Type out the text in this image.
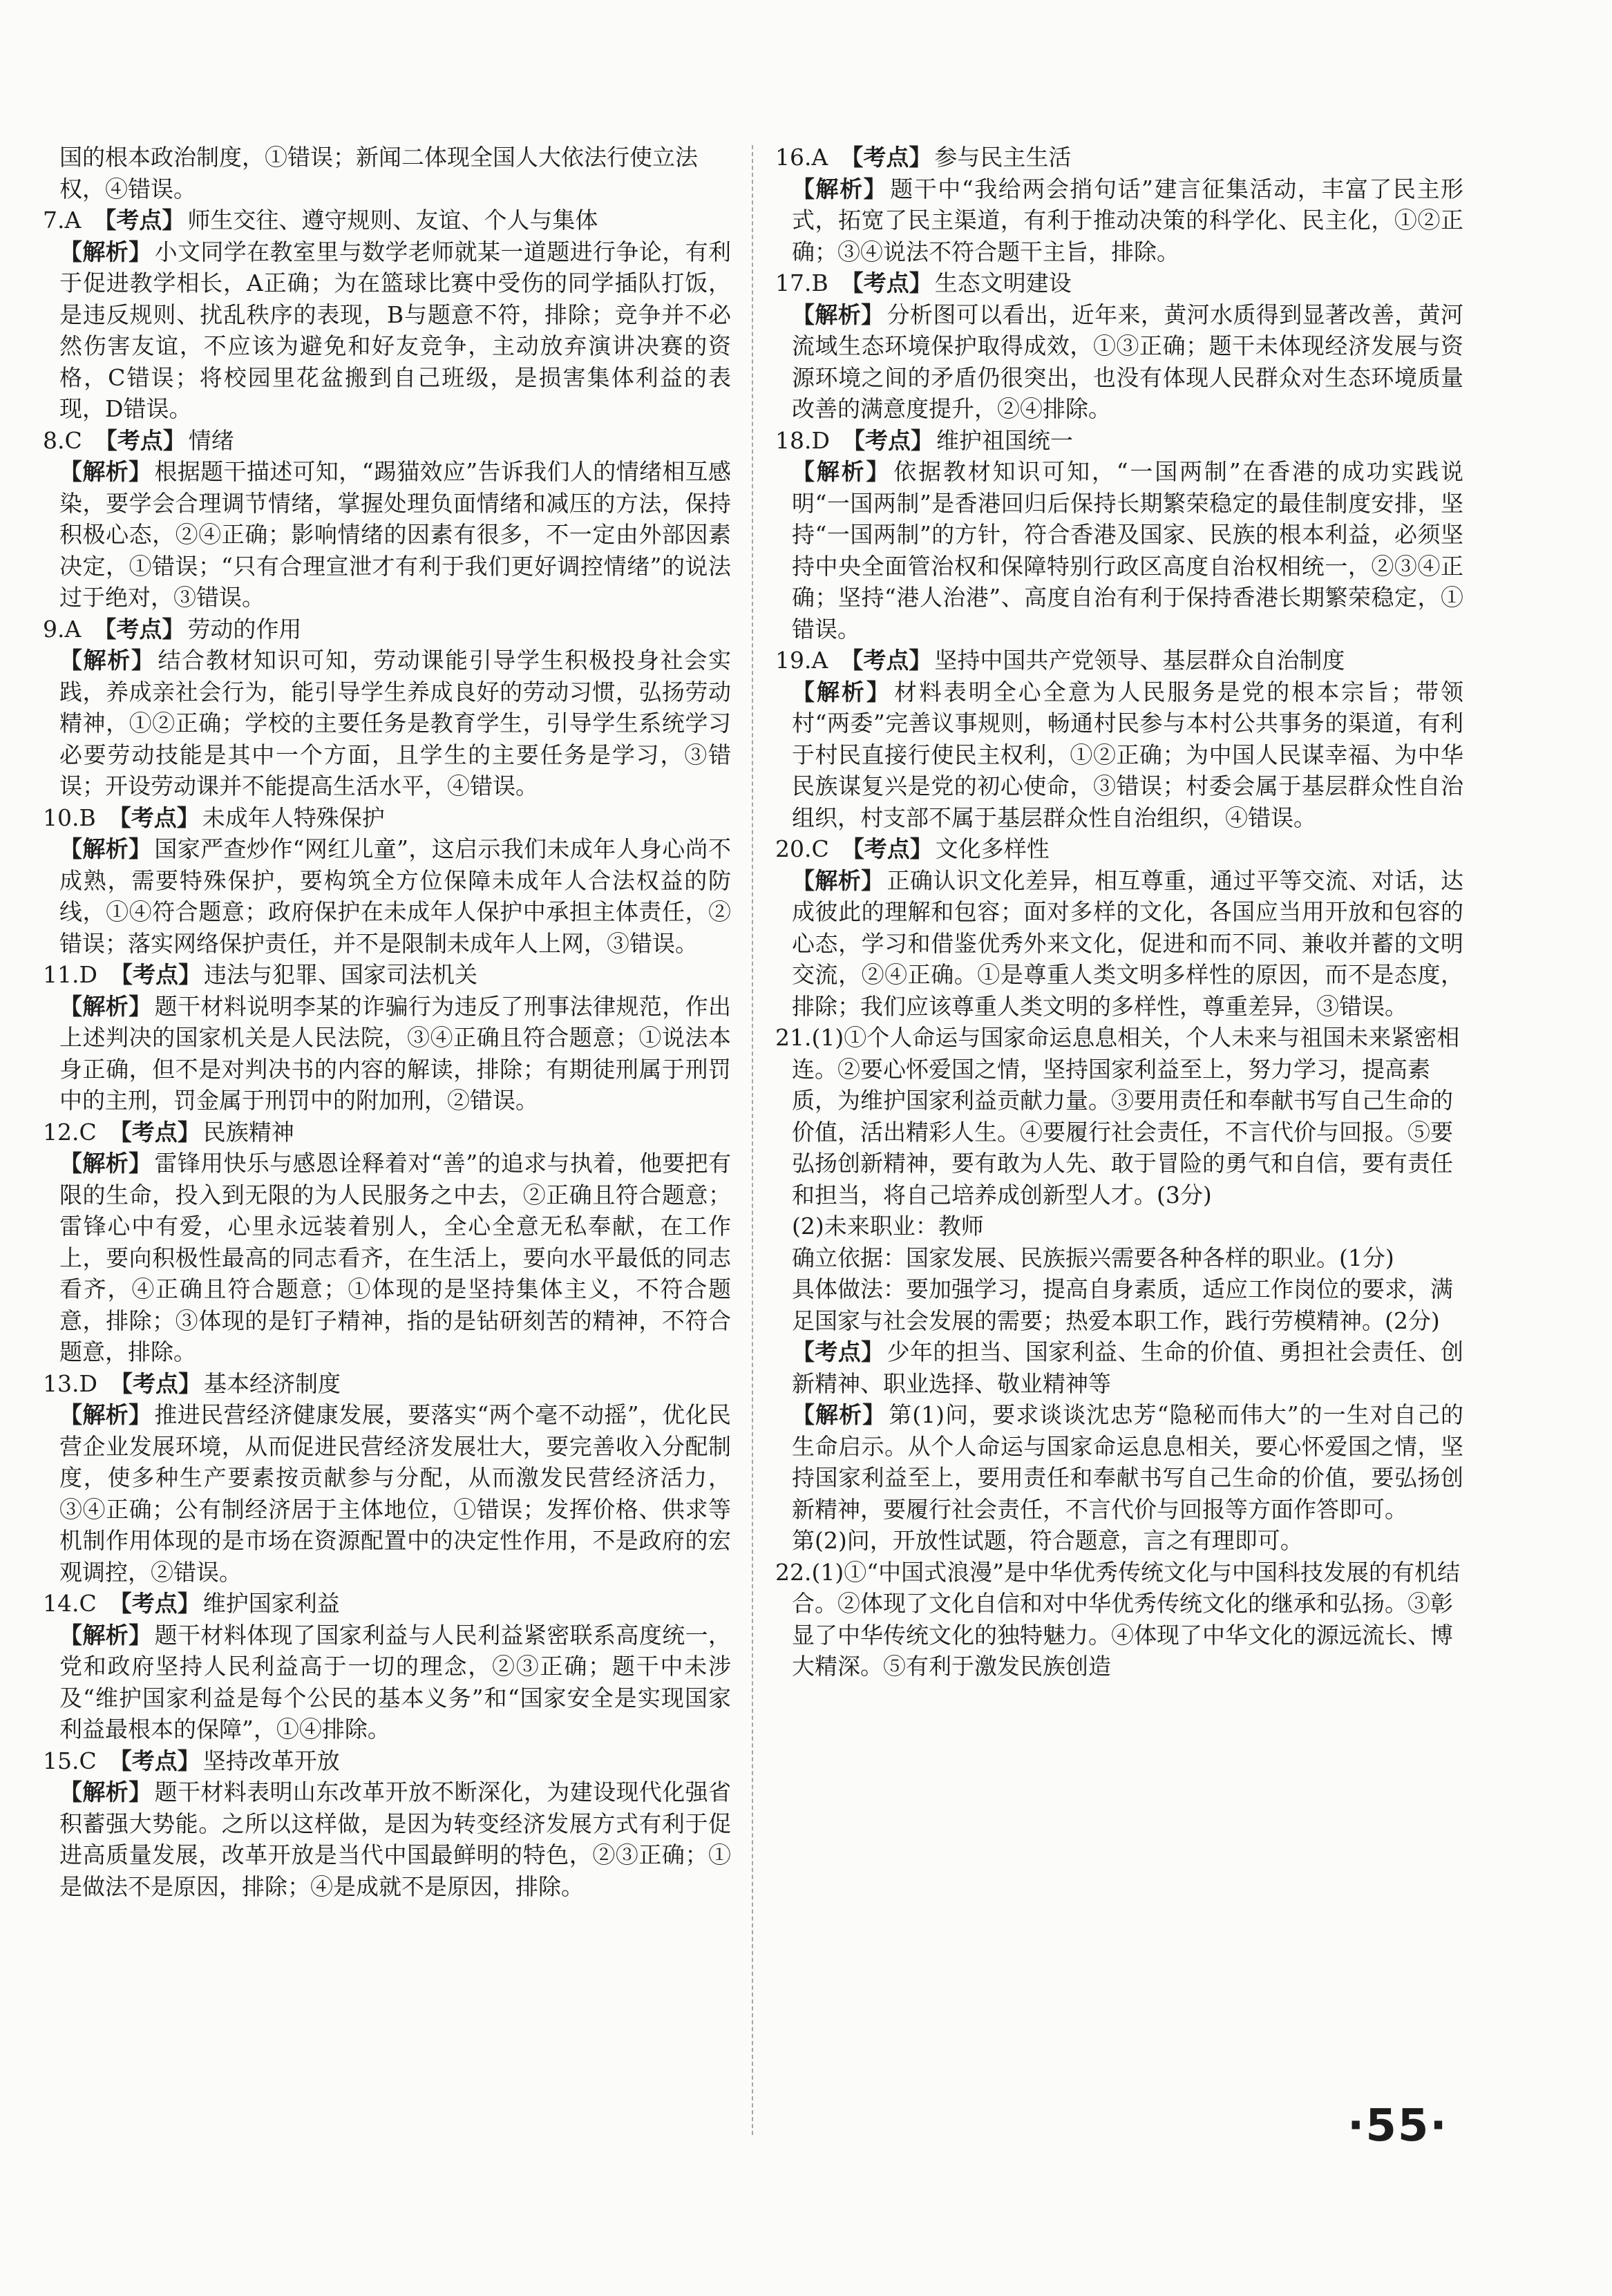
国的根本政治制度，①错误；新闻二体现全国人大依法行使立法权，④错误。

7.A 【考点】 师生交往、遵守规则、友谊、个人与集体

【解析】 小文同学在教室里与数学老师就某一道题进行争论，有利于促进教学相长，A正确；为在篮球比赛中受伤的同学插队打饭，是违反规则、扰乱秩序的表现，B与题意不符，排除；竞争并不必然伤害友谊，不应该为避免和好友竞争，主动放弃演讲决赛的资格，C错误；将校园里花盆搬到自己班级，是损害集体利益的表现，D错误。

8.C 【考点】 情绪

【解析】 根据题干描述可知，“踢猫效应”告诉我们人的情绪相互感染，要学会合理调节情绪，掌握处理负面情绪和减压的方法，保持积极心态，②④正确；影响情绪的因素有很多，不一定由外部因素决定，①错误；“只有合理宣泄才有利于我们更好调控情绪”的说法过于绝对，③错误。

9.A 【考点】 劳动的作用

【解析】 结合教材知识可知，劳动课能引导学生积极投身社会实践，养成亲社会行为，能引导学生养成良好的劳动习惯，弘扬劳动精神，①②正确；学校的主要任务是教育学生，引导学生系统学习必要劳动技能是其中一个方面，且学生的主要任务是学习，③错误；开设劳动课并不能提高生活水平，④错误。

10.B 【考点】 未成年人特殊保护

【解析】 国家严查炒作“网红儿童”，这启示我们未成年人身心尚不成熟，需要特殊保护，要构筑全方位保障未成年人合法权益的防线，①④符合题意；政府保护在未成年人保护中承担主体责任，②错误；落实网络保护责任，并不是限制未成年人上网，③错误。

11.D 【考点】 违法与犯罪、国家司法机关

【解析】 题干材料说明李某的诈骗行为违反了刑事法律规范，作出上述判决的国家机关是人民法院，③④正确且符合题意；①说法本身正确，但不是对判决书的内容的解读，排除；有期徒刑属于刑罚中的主刑，罚金属于刑罚中的附加刑，②错误。

12.C 【考点】 民族精神

【解析】 雷锋用快乐与感恩诠释着对“善”的追求与执着，他要把有限的生命，投入到无限的为人民服务之中去，②正确且符合题意；雷锋心中有爱，心里永远装着别人，全心全意无私奉献，在工作上，要向积极性最高的同志看齐，在生活上，要向水平最低的同志看齐，④正确且符合题意；①体现的是坚持集体主义，不符合题意，排除；③体现的是钉子精神，指的是钻研刻苦的精神，不符合题意，排除。

13.D 【考点】 基本经济制度

【解析】 推进民营经济健康发展，要落实“两个毫不动摇”，优化民营企业发展环境，从而促进民营经济发展壮大，要完善收入分配制度，使多种生产要素按贡献参与分配，从而激发民营经济活力，③④正确；公有制经济居于主体地位，①错误；发挥价格、供求等机制作用体现的是市场在资源配置中的决定性作用，不是政府的宏观调控，②错误。

14.C 【考点】 维护国家利益

【解析】 题干材料体现了国家利益与人民利益紧密联系高度统一，党和政府坚持人民利益高于一切的理念，②③正确；题干中未涉及“维护国家利益是每个公民的基本义务”和“国家安全是实现国家利益最根本的保障”，①④排除。

15.C 【考点】 坚持改革开放

【解析】 题干材料表明山东改革开放不断深化，为建设现代化强省积蓄强大势能。之所以这样做，是因为转变经济发展方式有利于促进高质量发展，改革开放是当代中国最鲜明的特色，②③正确；①是做法不是原因，排除；④是成就不是原因，排除。

16.A 【考点】 参与民主生活

【解析】 题干中“我给两会捎句话”建言征集活动，丰富了民主形式，拓宽了民主渠道，有利于推动决策的科学化、民主化，①②正确；③④说法不符合题干主旨，排除。

17.B 【考点】 生态文明建设

【解析】 分析图可以看出，近年来，黄河水质得到显著改善，黄河流域生态环境保护取得成效，①③正确；题干未体现经济发展与资源环境之间的矛盾仍很突出，也没有体现人民群众对生态环境质量改善的满意度提升，②④排除。

18.D 【考点】 维护祖国统一

【解析】 依据教材知识可知，“一国两制”在香港的成功实践说明“一国两制”是香港回归后保持长期繁荣稳定的最佳制度安排，坚持“一国两制”的方针，符合香港及国家、民族的根本利益，必须坚持中央全面管治权和保障特别行政区高度自治权相统一，②③④正确；坚持“港人治港”、高度自治有利于保持香港长期繁荣稳定，①错误。

19.A 【考点】 坚持中国共产党领导、基层群众自治制度

【解析】 材料表明全心全意为人民服务是党的根本宗旨；带领村“两委”完善议事规则，畅通村民参与本村公共事务的渠道，有利于村民直接行使民主权利，①②正确；为中国人民谋幸福、为中华民族谋复兴是党的初心使命，③错误；村委会属于基层群众性自治组织，村支部不属于基层群众性自治组织，④错误。

20.C 【考点】 文化多样性

【解析】 正确认识文化差异，相互尊重，通过平等交流、对话，达成彼此的理解和包容；面对多样的文化，各国应当用开放和包容的心态，学习和借鉴优秀外来文化，促进和而不同、兼收并蓄的文明交流，②④正确。①是尊重人类文明多样性的原因，而不是态度，排除；我们应该尊重人类文明的多样性，尊重差异，③错误。

21.(1)①个人命运与国家命运息息相关，个人未来与祖国未来紧密相连。②要心怀爱国之情，坚持国家利益至上，努力学习，提高素质，为维护国家利益贡献力量。③要用责任和奉献书写自己生命的价值，活出精彩人生。④要履行社会责任，不言代价与回报。⑤要弘扬创新精神，要有敢为人先、敢于冒险的勇气和自信，要有责任和担当，将自己培养成创新型人才。(3分)

(2)未来职业：教师

确立依据：国家发展、民族振兴需要各种各样的职业。(1分)

具体做法：要加强学习，提高自身素质，适应工作岗位的要求，满足国家与社会发展的需要；热爱本职工作，践行劳模精神。(2分)

【考点】 少年的担当、国家利益、生命的价值、勇担社会责任、创新精神、职业选择、敬业精神等

【解析】 第(1)问，要求谈谈沈忠芳“隐秘而伟大”的一生对自己的生命启示。从个人命运与国家命运息息相关，要心怀爱国之情，坚持国家利益至上，要用责任和奉献书写自己生命的价值，要弘扬创新精神，要履行社会责任，不言代价与回报等方面作答即可。

第(2)问，开放性试题，符合题意，言之有理即可。

22.(1)①“中国式浪漫”是中华优秀传统文化与中国科技发展的有机结合。②体现了文化自信和对中华优秀传统文化的继承和弘扬。③彰显了中华传统文化的独特魅力。④体现了中华文化的源远流长、博大精深。⑤有利于激发民族创造

·55·
